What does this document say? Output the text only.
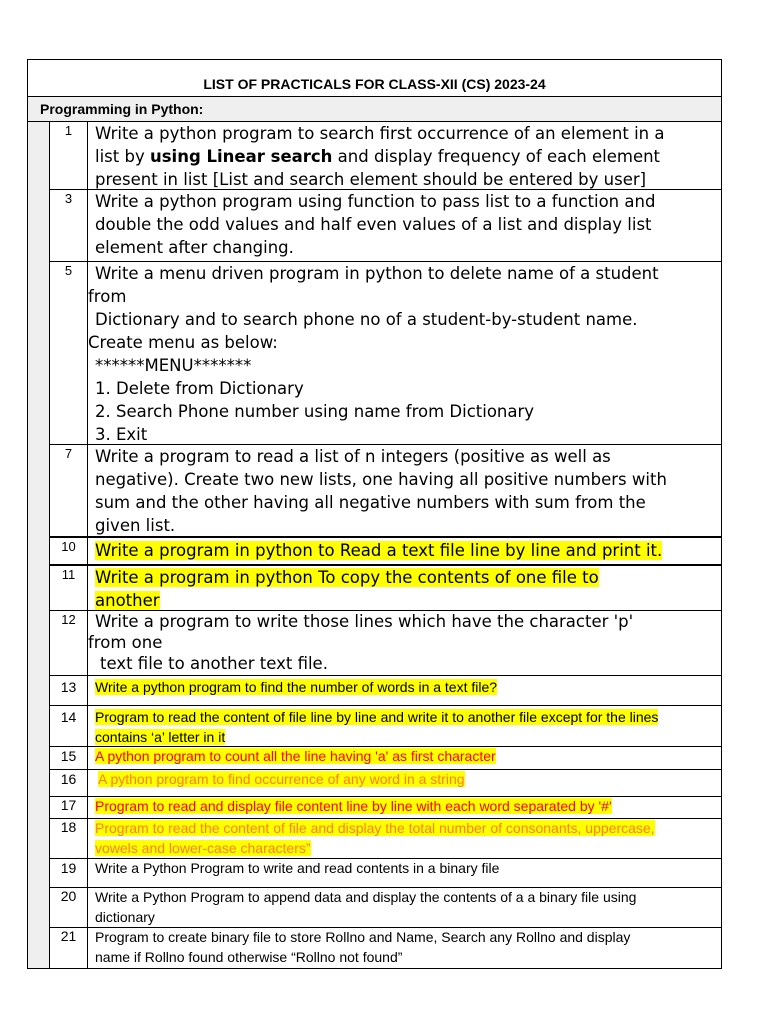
LIST OF PRACTICALS FOR CLASS-XII (CS) 2023-24
Programming in Python:
1	Write a python program to search first occurrence of an element in a
list by using Linear search and display frequency of each element
present in list [List and search element should be entered by user]
3	Write a python program using function to pass list to a function and
double the odd values and half even values of a list and display list
element after changing.
5	Write a menu driven program in python to delete name of a student
from
Dictionary and to search phone no of a student-by-student name.
Create menu as below:
******MENU*******
1. Delete from Dictionary
2. Search Phone number using name from Dictionary
3. Exit
7	Write a program to read a list of n integers (positive as well as
negative). Create two new lists, one having all positive numbers with
sum and the other having all negative numbers with sum from the
given list.
10	Write a program in python to Read a text file line by line and print it.
11	Write a program in python To copy the contents of one file to
another
12	Write a program to write those lines which have the character 'p'
from one
text file to another text file.
13	Write a python program to find the number of words in a text file?
14	Program to read the content of file line by line and write it to another file except for the lines
contains ‘a’ letter in it
15	A python program to count all the line having 'a' as first character
16	A python program to find occurrence of any word in a string
17	Program to read and display file content line by line with each word separated by '#'
18	Program to read the content of file and display the total number of consonants, uppercase,
vowels and lower-case characters”
19	Write a Python Program to write and read contents in a binary file
20	Write a Python Program to append data and display the contents of a a binary file using
dictionary
21	Program to create binary file to store Rollno and Name, Search any Rollno and display
name if Rollno found otherwise “Rollno not found”
